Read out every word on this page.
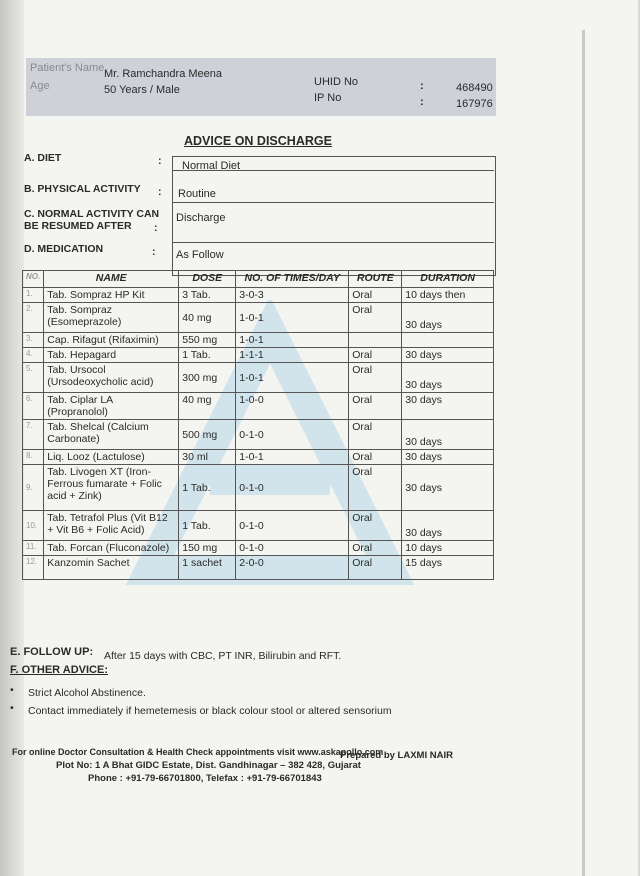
Patient's Name Mr. Ramchandra Meena
Age	50 Years / Male
UHID No	:	468490
IP No	:	167976
ADVICE ON DISCHARGE
A. DIET	: Normal Diet
B. PHYSICAL ACTIVITY : Routine
C. NORMAL ACTIVITY CAN
BE RESUMED AFTER :
Discharge
D. MEDICATION	: As Follow
NO.	NAME	DOSE	NO. OF TIMES/DAY	ROUTE	DURATION
1.	Tab. Sompraz HP Kit	3 Tab.	3-0-3	Oral	10 days then
2.	Tab. Sompraz (Esomeprazole)	40 mg	1-0-1	Oral	30 days
3.	Cap. Rifagut (Rifaximin)	550 mg	1-0-1		
4.	Tab. Hepagard	1 Tab.	1-1-1	Oral	30 days
5.	Tab. Ursocol (Ursodeoxycholic acid)	300 mg	1-0-1	Oral	30 days
6.	Tab. Ciplar LA (Propranolol)	40 mg	1-0-0	Oral	30 days
7.	Tab. Shelcal (Calcium Carbonate)	500 mg	0-1-0	Oral	30 days
8.	Liq. Looz (Lactulose)	30 ml	1-0-1	Oral	30 days
9.	Tab. Livogen XT (Iron-Ferrous fumarate + Folic acid + Zink)	1 Tab.	0-1-0	Oral	30 days
10.	Tab. Tetrafol Plus (Vit B12 + Vit B6 + Folic Acid)	1 Tab.	0-1-0	Oral	30 days
11.	Tab. Forcan (Fluconazole)	150 mg	0-1-0	Oral	10 days
12.	Kanzomin Sachet	1 sachet	2-0-0	Oral	15 days
E. FOLLOW UP: After 15 days with CBC, PT INR, Bilirubin and RFT.
F. OTHER ADVICE:
• Strict Alcohol Abstinence.
• Contact immediately if hemetemesis or black colour stool or altered sensorium
Prepared by LAXMI NAIR
For online Doctor Consultation & Health Check appointments visit www.askapollo.com
Plot No: 1 A Bhat GIDC Estate, Dist. Gandhinagar – 382 428, Gujarat
Phone : +91-79-66701800, Telefax : +91-79-66701843
